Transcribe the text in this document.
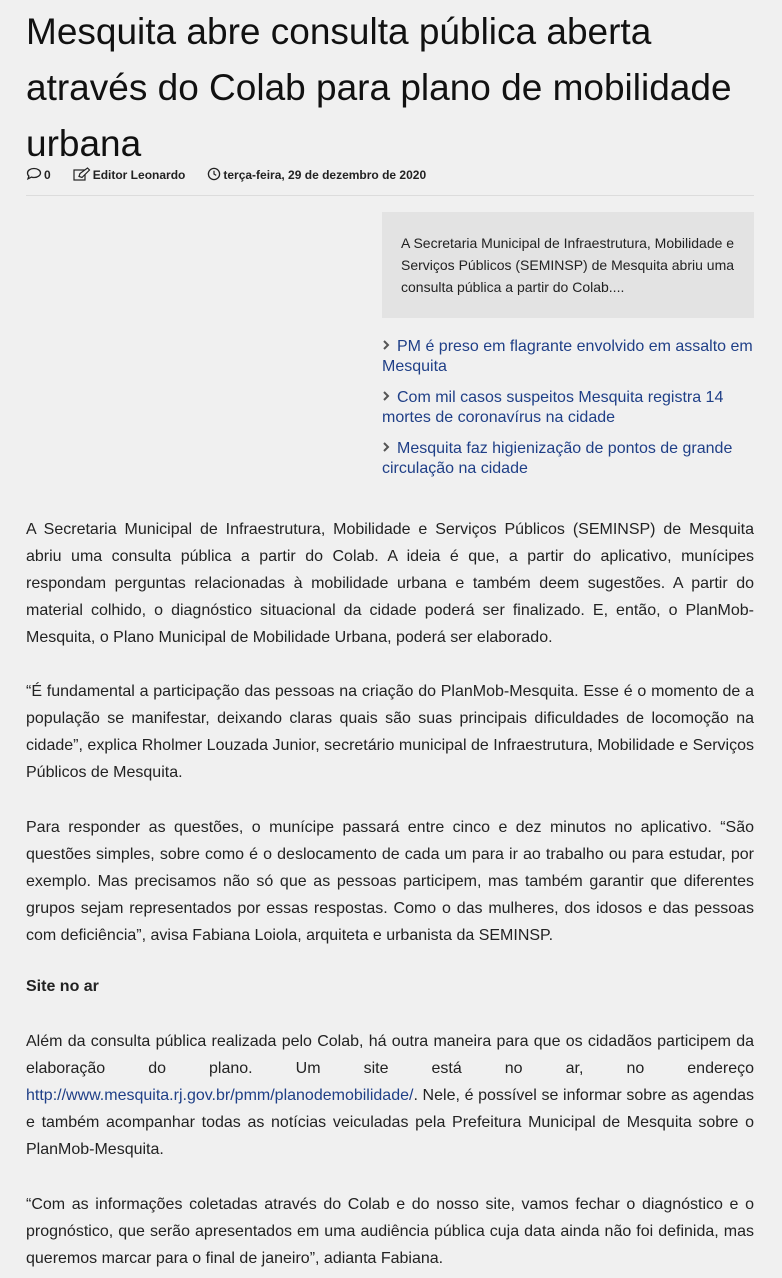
Mesquita abre consulta pública aberta através do Colab para plano de mobilidade urbana
0	Editor Leonardo	terça-feira, 29 de dezembro de 2020
A Secretaria Municipal de Infraestrutura, Mobilidade e Serviços Públicos (SEMINSP) de Mesquita abriu uma consulta pública a partir do Colab....
PM é preso em flagrante envolvido em assalto em Mesquita
Com mil casos suspeitos Mesquita registra 14 mortes de coronavírus na cidade
Mesquita faz higienização de pontos de grande circulação na cidade

A Secretaria Municipal de Infraestrutura, Mobilidade e Serviços Públicos (SEMINSP) de Mesquita abriu uma consulta pública a partir do Colab. A ideia é que, a partir do aplicativo, munícipes respondam perguntas relacionadas à mobilidade urbana e também deem sugestões. A partir do material colhido, o diagnóstico situacional da cidade poderá ser finalizado. E, então, o PlanMob-Mesquita, o Plano Municipal de Mobilidade Urbana, poderá ser elaborado.

“É fundamental a participação das pessoas na criação do PlanMob-Mesquita. Esse é o momento de a população se manifestar, deixando claras quais são suas principais dificuldades de locomoção na cidade”, explica Rholmer Louzada Junior, secretário municipal de Infraestrutura, Mobilidade e Serviços Públicos de Mesquita.

Para responder as questões, o munícipe passará entre cinco e dez minutos no aplicativo. “São questões simples, sobre como é o deslocamento de cada um para ir ao trabalho ou para estudar, por exemplo. Mas precisamos não só que as pessoas participem, mas também garantir que diferentes grupos sejam representados por essas respostas. Como o das mulheres, dos idosos e das pessoas com deficiência”, avisa Fabiana Loiola, arquiteta e urbanista da SEMINSP.

Site no ar

Além da consulta pública realizada pelo Colab, há outra maneira para que os cidadãos participem da elaboração do plano. Um site está no ar, no endereço http://www.mesquita.rj.gov.br/pmm/planodemobilidade/. Nele, é possível se informar sobre as agendas e também acompanhar todas as notícias veiculadas pela Prefeitura Municipal de Mesquita sobre o PlanMob-Mesquita.

“Com as informações coletadas através do Colab e do nosso site, vamos fechar o diagnóstico e o prognóstico, que serão apresentados em uma audiência pública cuja data ainda não foi definida, mas queremos marcar para o final de janeiro”, adianta Fabiana.
